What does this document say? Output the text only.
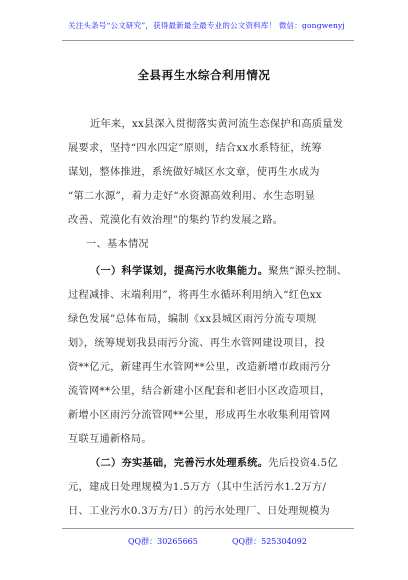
关注头条号“公文研究”，获得最新最全最专业的公文资料库！ 微信：gongwenyj
全县再生水综合利用情况
近年来，xx县深入贯彻落实黄河流生态保护和高质量发
展要求，坚持“四水四定”原则，结合xx水系特征，统筹
谋划，整体推进，系统做好城区水文章，使再生水成为
“第二水源”，着力走好“水资源高效利用、水生态明显
改善、荒漠化有效治理”的集约节约发展之路。
一、基本情况
（一）科学谋划，提高污水收集能力。聚焦“源头控制、
过程减排、末端利用”，将再生水循环利用纳入“红色xx
绿色发展”总体布局，编制《xx县城区雨污分流专项规
划》，统筹规划我县雨污分流、再生水管网建设项目，投
资**亿元，新建再生水管网**公里，改造新增市政雨污分
流管网**公里，结合新建小区配套和老旧小区改造项目，
新增小区雨污分流管网**公里，形成再生水收集利用管网
互联互通新格局。
（二）夯实基础，完善污水处理系统。先后投资4.5亿
元，建成日处理规模为1.5万方（其中生活污水1.2万方/
日、工业污水0.3万方/日）的污水处理厂、日处理规模为
QQ群：30265665	QQ群：525304092
